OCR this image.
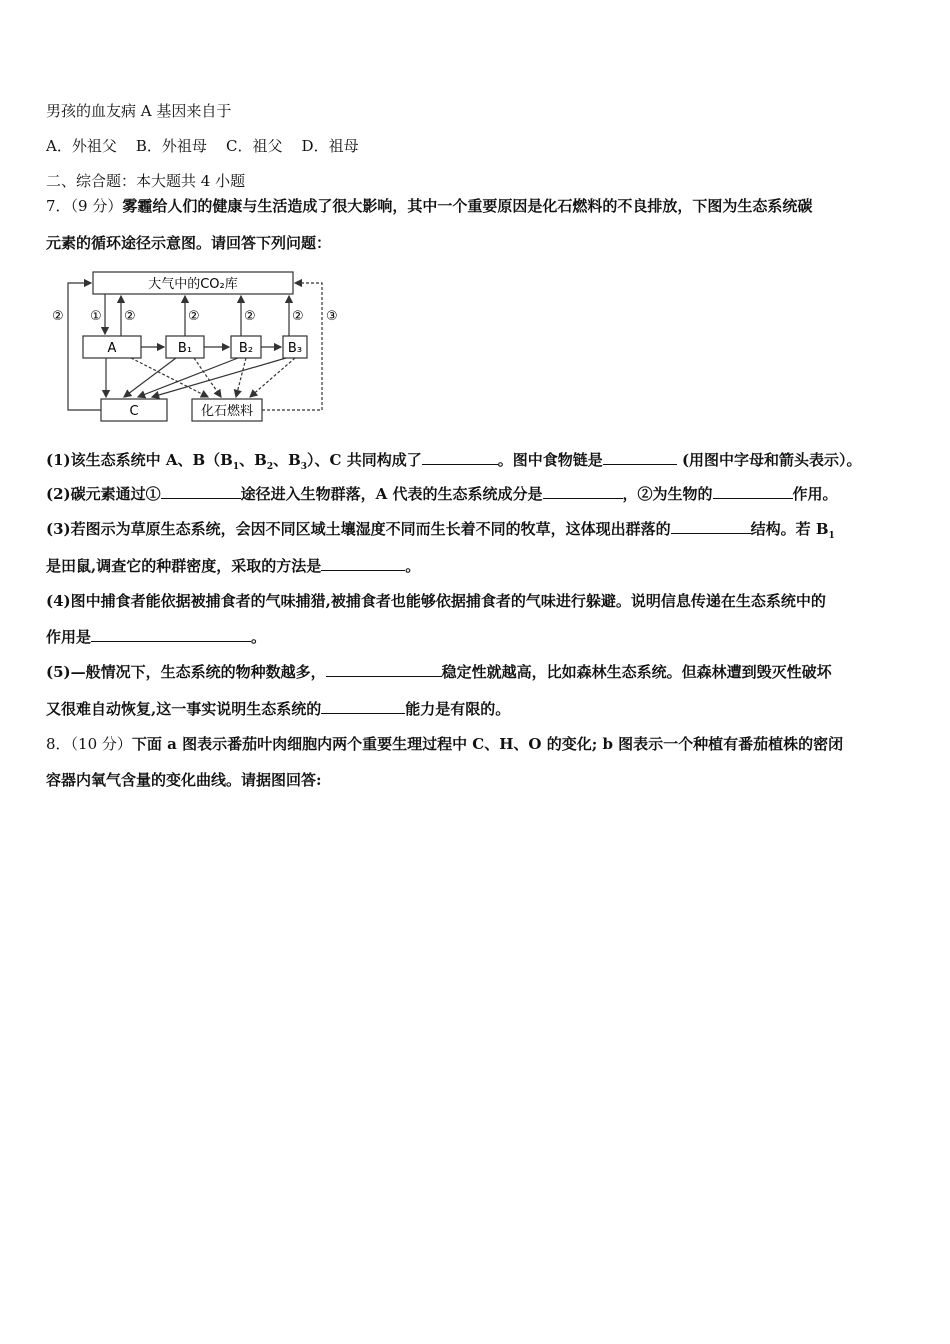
男孩的血友病 A 基因来自于
A．外祖父    B．外祖母    C．祖父    D．祖母
二、综合题：本大题共 4 小题
7．（9 分）雾霾给人们的健康与生活造成了很大影响，其中一个重要原因是化石燃料的不良排放，下图为生态系统碳
元素的循环途径示意图。请回答下列问题：
大气中的CO₂库
A	B₁	B₂	B₃
C	化石燃料
① ②	②	②	②
②	③
(1)该生态系统中 A、$B(B_1$、$B_2$、$B_3$）、C 共同构成了	。图中食物链是	(用图中字母和箭头表示）。
(2)碳元素通过①	途径进入生物群落，A 代表的生态系统成分是	，②为生物的	作用。
(3)若图示为草原生态系统，会因不同区域土壤湿度不同而生长着不同的牧草，这体现出群落的	结构。若 $B_1$
是田鼠,调查它的种群密度，采取的方法是	。
(4)图中捕食者能依据被捕食者的气味捕猎,被捕食者也能够依据捕食者的气味进行躲避。说明信息传递在生态系统中的
作用是	。
(5)—般情况下，生态系统的物种数越多，	稳定性就越高，比如森林生态系统。但森林遭到毁灭性破坏
又很难自动恢复,这一事实说明生态系统的	能力是有限的。
8．（10 分）下面 a 图表示番茄叶肉细胞内两个重要生理过程中 C、H、O 的变化; b 图表示一个种植有番茄植株的密闭
容器内氧气含量的变化曲线。请据图回答:
